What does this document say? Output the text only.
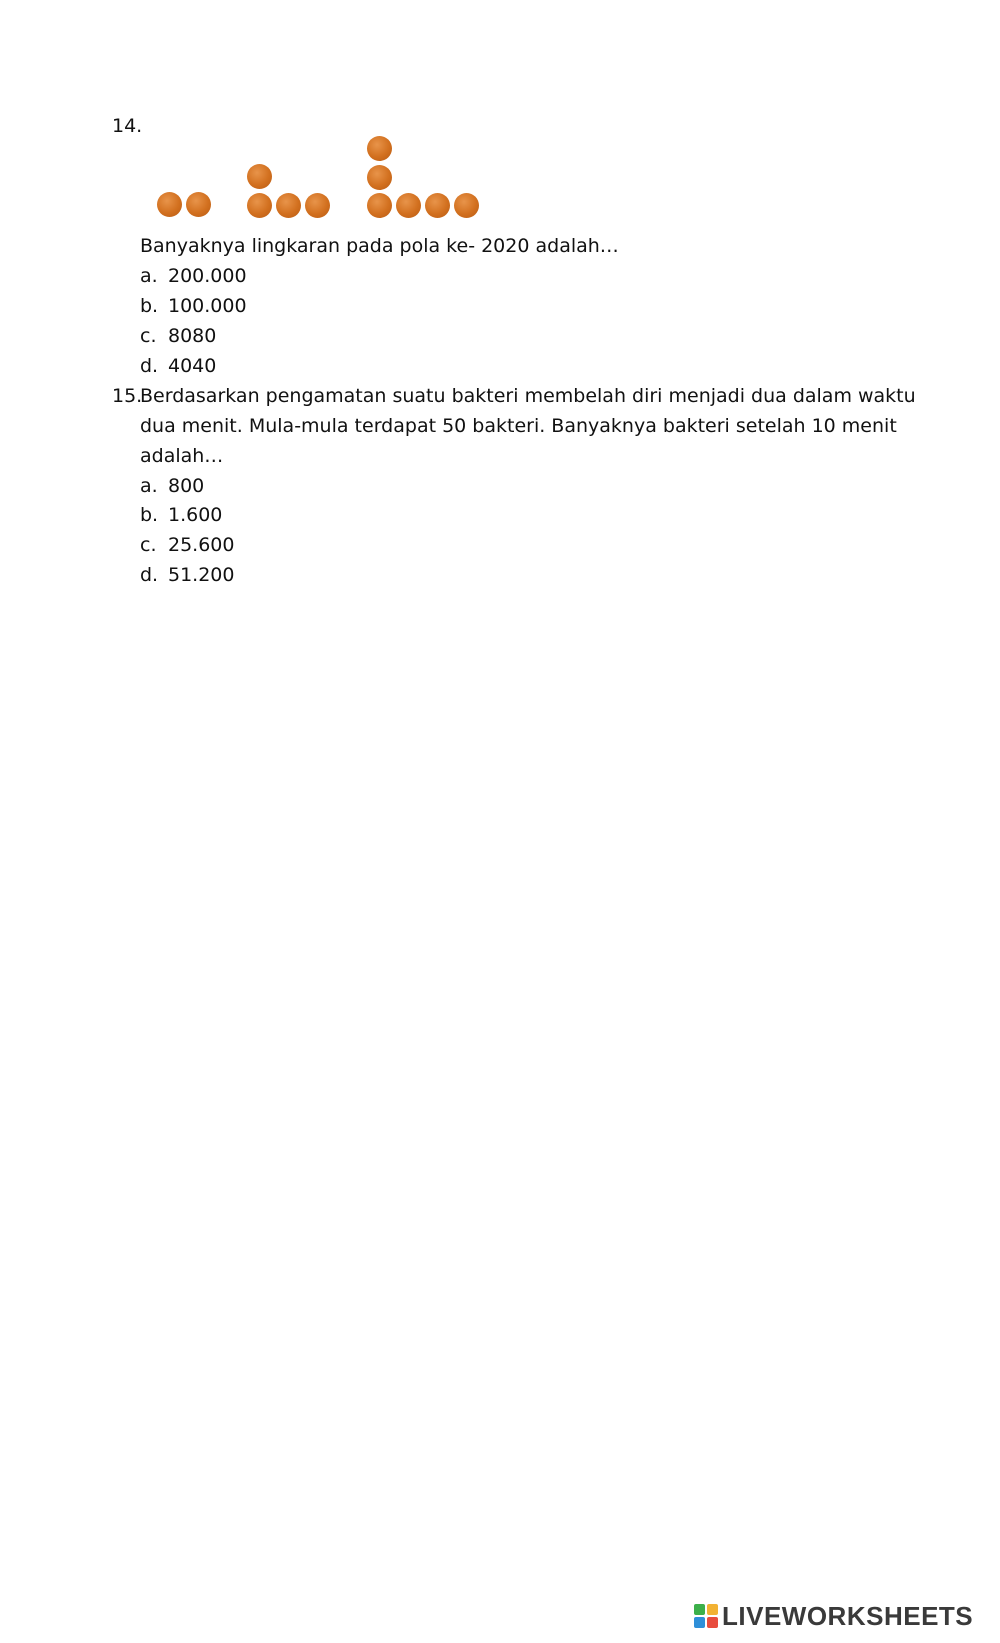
14.
Banyaknya lingkaran pada pola ke- 2020 adalah…
a. 200.000
b. 100.000
c. 8080
d. 4040
15.
Berdasarkan pengamatan suatu bakteri membelah diri menjadi dua dalam waktu
dua menit. Mula-mula terdapat 50 bakteri. Banyaknya bakteri setelah 10 menit
adalah…
a. 800
b. 1.600
c. 25.600
d. 51.200
LIVEWORKSHEETS
